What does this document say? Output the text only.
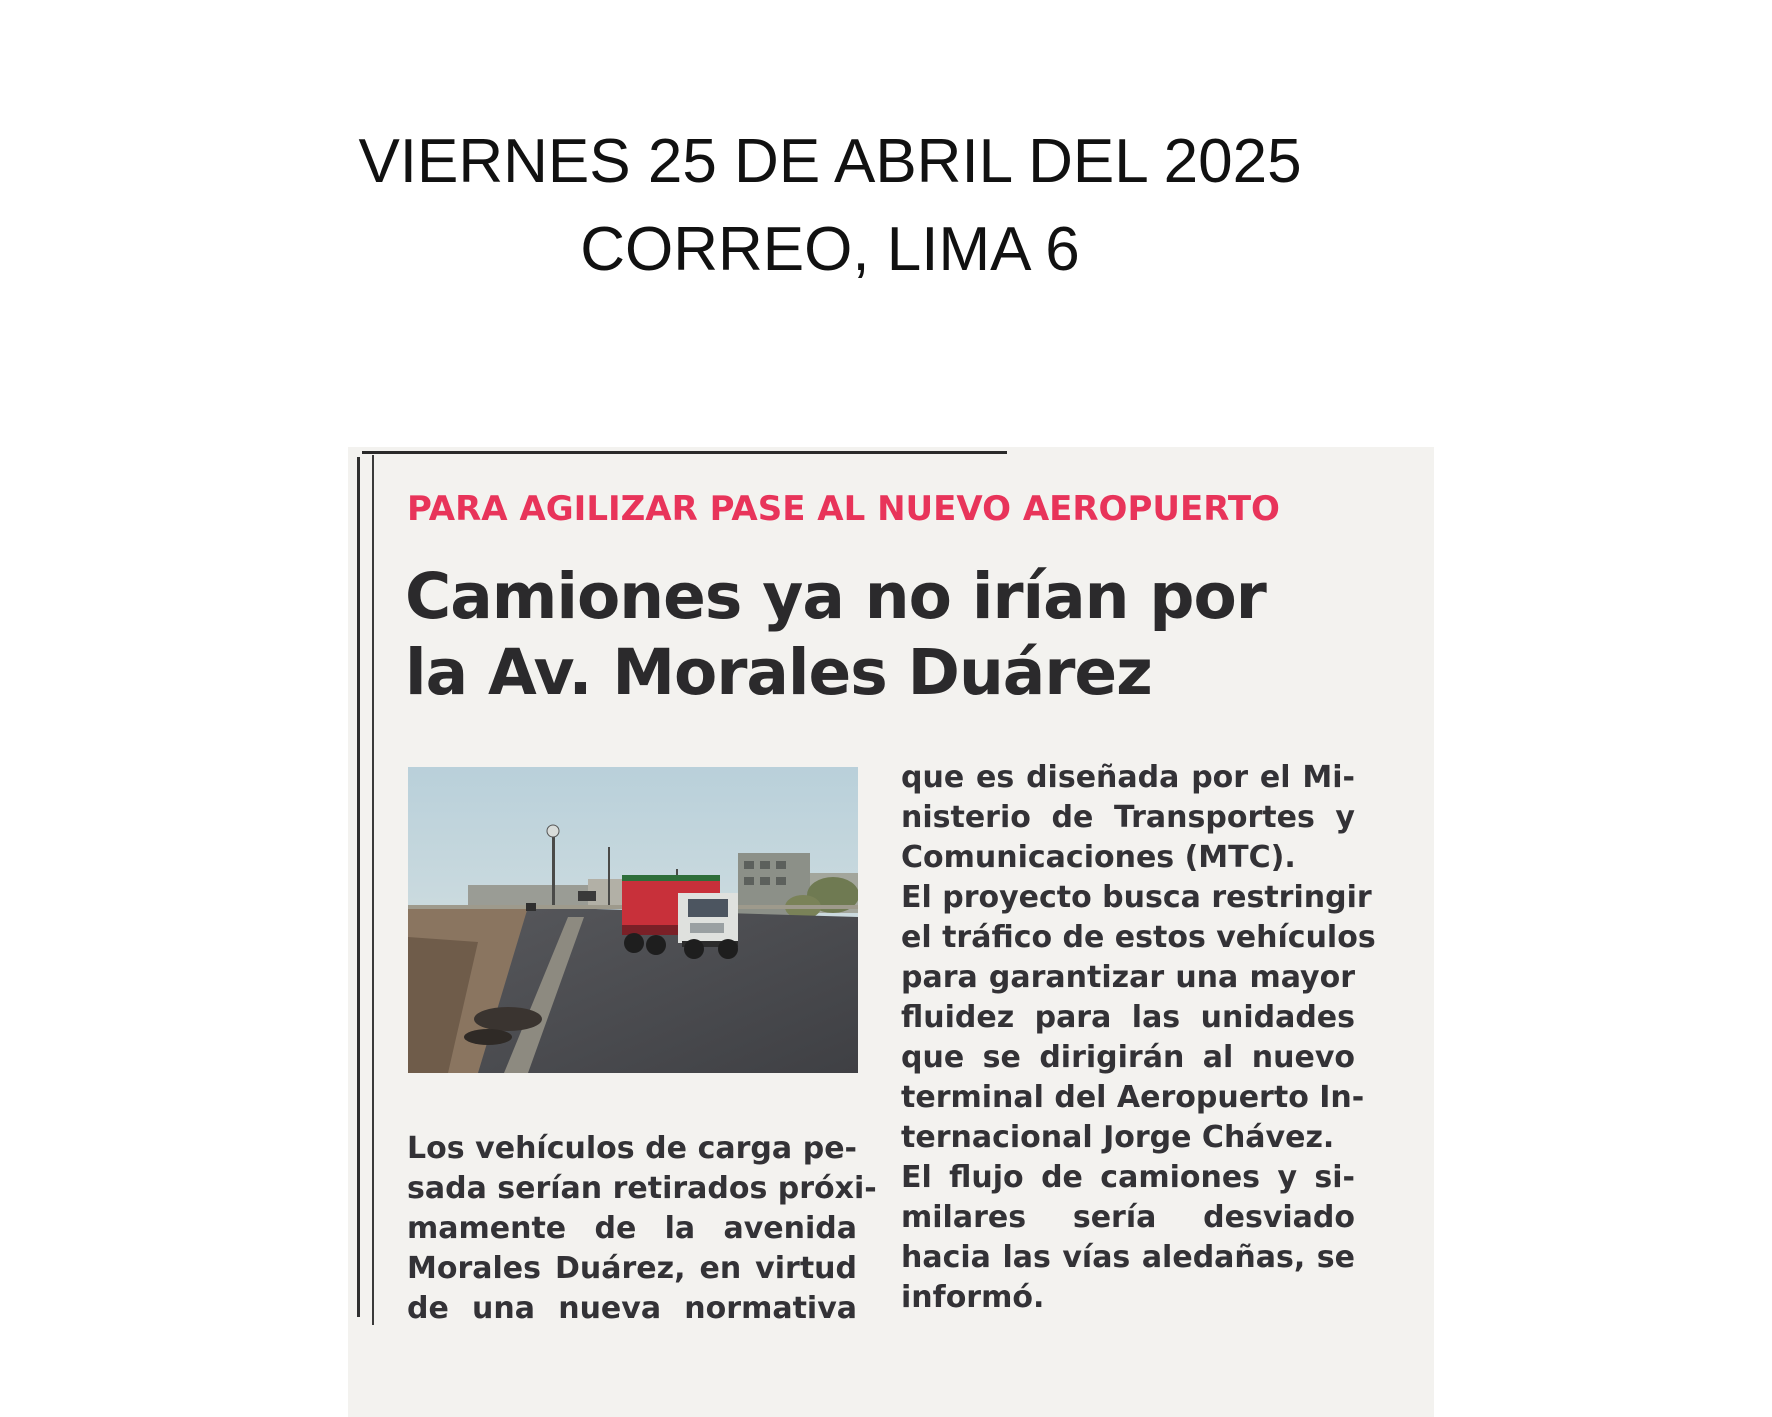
VIERNES 25 DE ABRIL DEL 2025
CORREO, LIMA 6
PARA AGILIZAR PASE AL NUEVO AEROPUERTO
Camiones ya no irían por
la Av. Morales Duárez
Los vehículos de carga pe-
sada serían retirados próxi-
mamente de la avenida
Morales Duárez, en virtud
de una nueva normativa
que es diseñada por el Mi-
nisterio de Transportes y
Comunicaciones (MTC).
El proyecto busca restringir
el tráfico de estos vehículos
para garantizar una mayor
fluidez para las unidades
que se dirigirán al nuevo
terminal del Aeropuerto In-
ternacional Jorge Chávez.
El flujo de camiones y si-
milares sería desviado
hacia las vías aledañas, se
informó.
